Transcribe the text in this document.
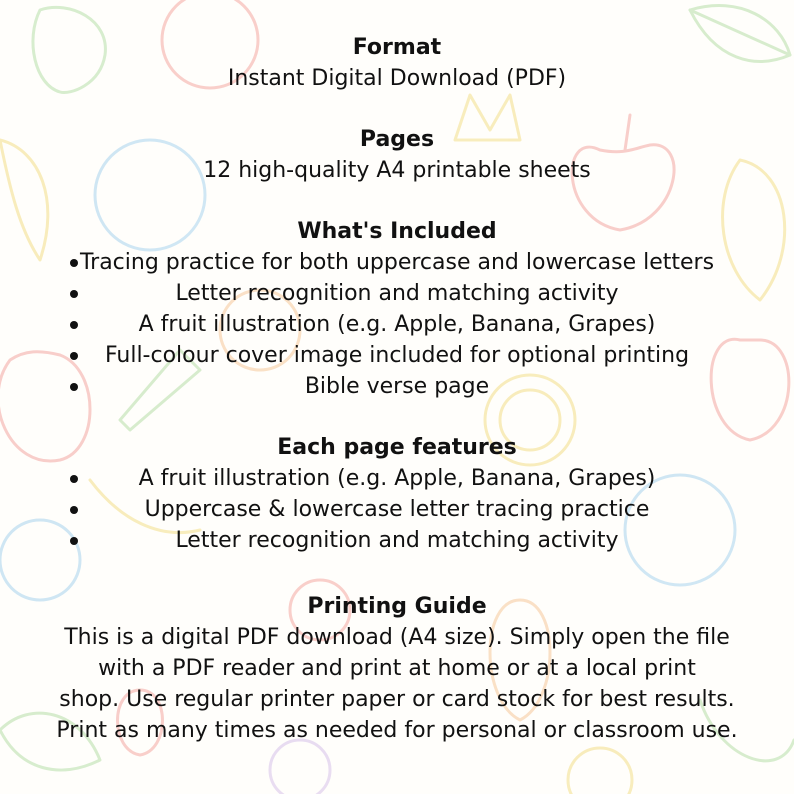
Format

Instant Digital Download (PDF)

Pages

12 high-quality A4 printable sheets

What's Included

Tracing practice for both uppercase and lowercase letters
Letter recognition and matching activity
A fruit illustration (e.g. Apple, Banana, Grapes)
Full-colour cover image included for optional printing
Bible verse page

Each page features

A fruit illustration (e.g. Apple, Banana, Grapes)
Uppercase & lowercase letter tracing practice
Letter recognition and matching activity

Printing Guide

This is a digital PDF download (A4 size). Simply open the file

with a PDF reader and print at home or at a local print

shop. Use regular printer paper or card stock for best results.

Print as many times as needed for personal or classroom use.
